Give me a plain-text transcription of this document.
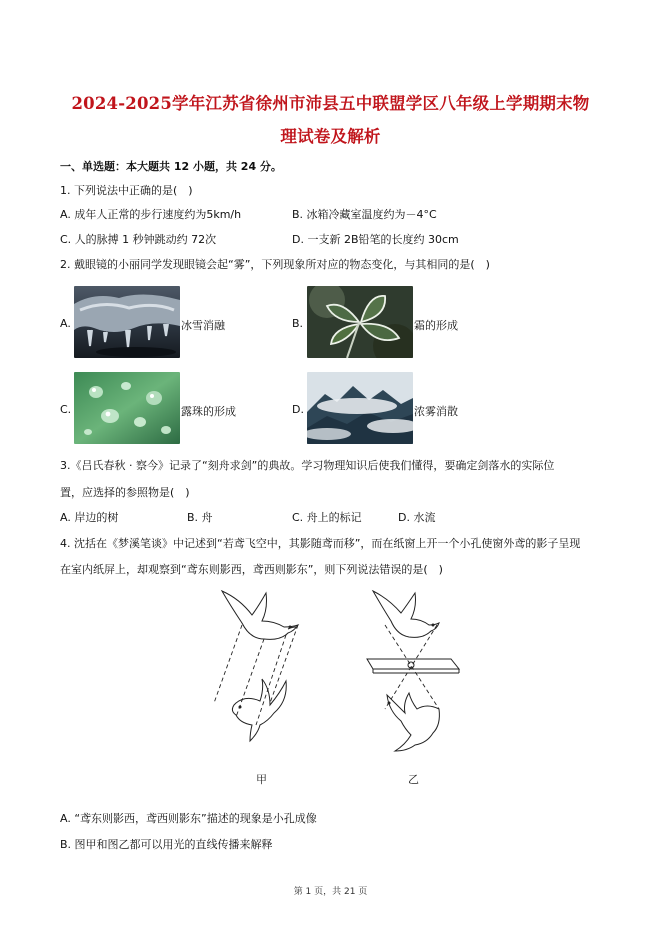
2024-2025学年江苏省徐州市沛县五中联盟学区八年级上学期期末物
理试卷及解析
一、单选题：本大题共 12 小题，共 24 分。
1. 下列说法中正确的是(　)
A. 成年人正常的步行速度约为5km/h	B. 冰箱冷藏室温度约为－4°C
C. 人的脉搏 1 秒钟跳动约 72次	D. 一支新 2B铅笔的长度约 30cm
2. 戴眼镜的小丽同学发现眼镜会起“雾”，下列现象所对应的物态变化，与其相同的是(　)
A.	冰雪消融	B.	霜的形成
C.	露珠的形成	D.	浓雾消散
3.《吕氏春秋 · 察今》记录了“刻舟求剑”的典故。学习物理知识后使我们懂得，要确定剑落水的实际位
置，应选择的参照物是(　)
A. 岸边的树	B. 舟	C. 舟上的标记	D. 水流
4. 沈括在《梦溪笔谈》中记述到“若鸢飞空中，其影随鸢而移”，而在纸窗上开一个小孔使窗外鸢的影子呈现
在室内纸屏上，却观察到“鸢东则影西，鸢西则影东”，则下列说法错误的是(　)
甲	乙
A. “鸢东则影西，鸢西则影东”描述的现象是小孔成像
B. 图甲和图乙都可以用光的直线传播来解释
第 1 页，共 21 页
